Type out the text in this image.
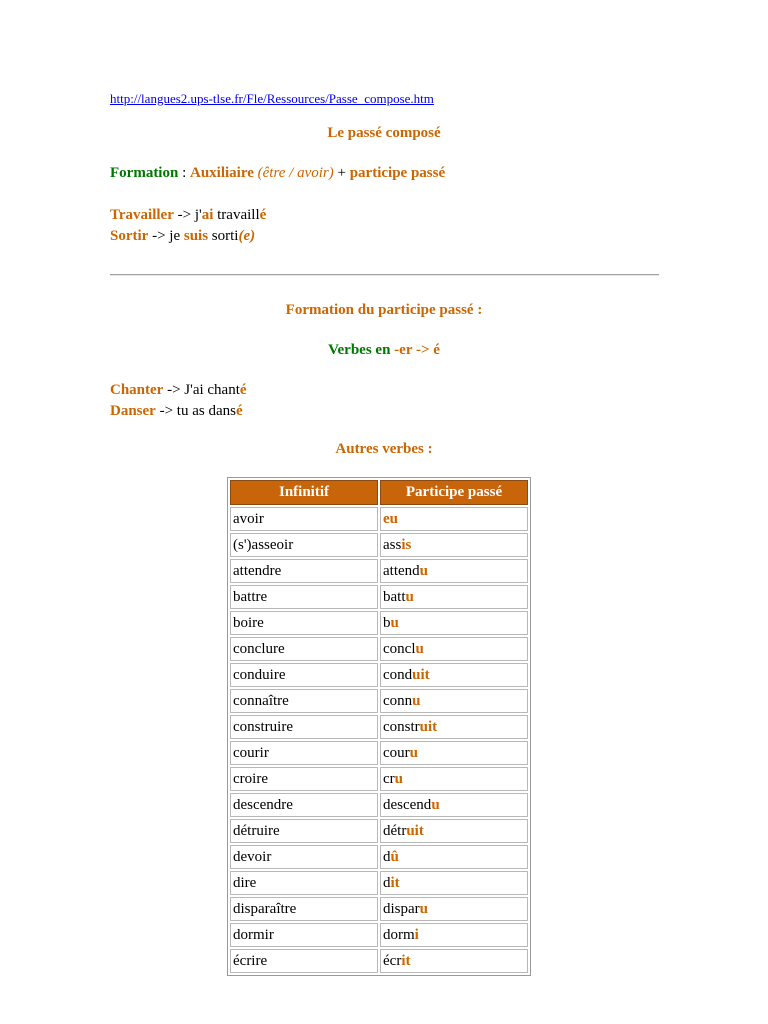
http://langues2.ups-tlse.fr/Fle/Ressources/Passe_compose.htm
Le passé composé
Formation : Auxiliaire (être / avoir) + participe passé
Travailler -> j'ai travaillé
Sortir -> je suis sorti(e)
Formation du participe passé :
Verbes en -er -> é
Chanter -> J'ai chanté
Danser -> tu as dansé
Autres verbes :
Infinitif	Participe passé
avoir	eu
(s')asseoir	assis
attendre	attendu
battre	battu
boire	bu
conclure	conclu
conduire	conduit
connaître	connu
construire	construit
courir	couru
croire	cru
descendre	descendu
détruire	détruit
devoir	dû
dire	dit
disparaître	disparu
dormir	dormi
écrire	écrit
